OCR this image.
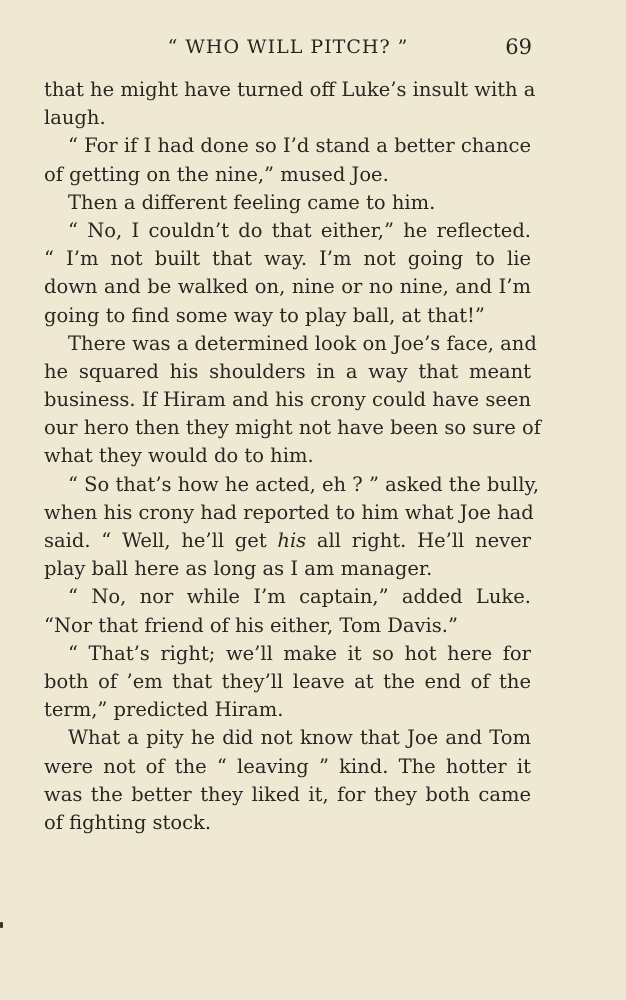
“ WHO WILL PITCH? ”	69
that he might have turned off Luke’s insult with a
laugh.
“ For if I had done so I’d stand a better chance
of getting on the nine,” mused Joe.
Then a different feeling came to him.
“ No, I couldn’t do that either,” he reflected.
“ I’m not built that way. I’m not going to lie
down and be walked on, nine or no nine, and I’m
going to find some way to play ball, at that!”
There was a determined look on Joe’s face, and
he squared his shoulders in a way that meant
business. If Hiram and his crony could have seen
our hero then they might not have been so sure of
what they would do to him.
“ So that’s how he acted, eh ? ” asked the bully,
when his crony had reported to him what Joe had
said. “ Well, he’ll get his all right. He’ll never
play ball here as long as I am manager.
“ No, nor while I’m captain,” added Luke.
“Nor that friend of his either, Tom Davis.”
“ That’s right; we’ll make it so hot here for
both of ’em that they’ll leave at the end of the
term,” predicted Hiram.
What a pity he did not know that Joe and Tom
were not of the “ leaving ” kind. The hotter it
was the better they liked it, for they both came
of fighting stock.
